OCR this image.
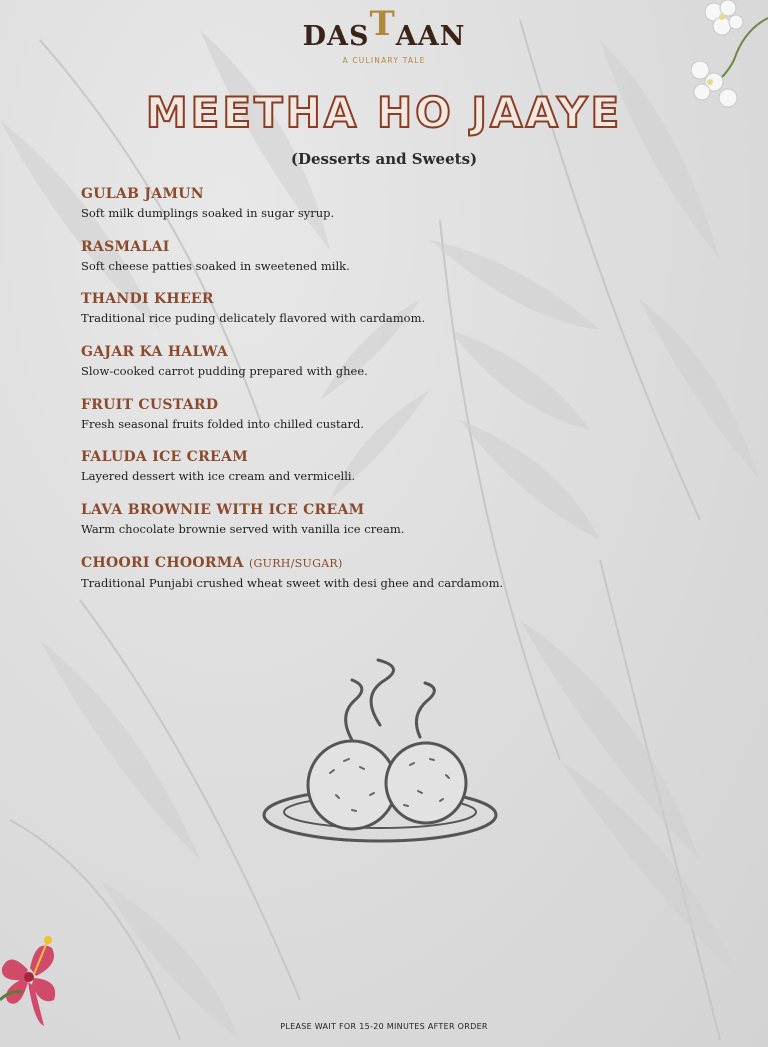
DASTAAN
A CULINARY TALE
MEETHA HO JAAYE
(Desserts and Sweets)
GULAB JAMUN
Soft milk dumplings soaked in sugar syrup.
RASMALAI
Soft cheese patties soaked in sweetened milk.
THANDI KHEER
Traditional rice puding delicately flavored with cardamom.
GAJAR KA HALWA
Slow-cooked carrot pudding prepared with ghee.
FRUIT CUSTARD
Fresh seasonal fruits folded into chilled custard.
FALUDA ICE CREAM
Layered dessert with ice cream and vermicelli.
LAVA BROWNIE WITH ICE CREAM
Warm chocolate brownie served with vanilla ice cream.
CHOORI CHOORMA (GURH/SUGAR)
Traditional Punjabi crushed wheat sweet with desi ghee and cardamom.
PLEASE WAIT FOR 15-20 MINUTES AFTER ORDER
